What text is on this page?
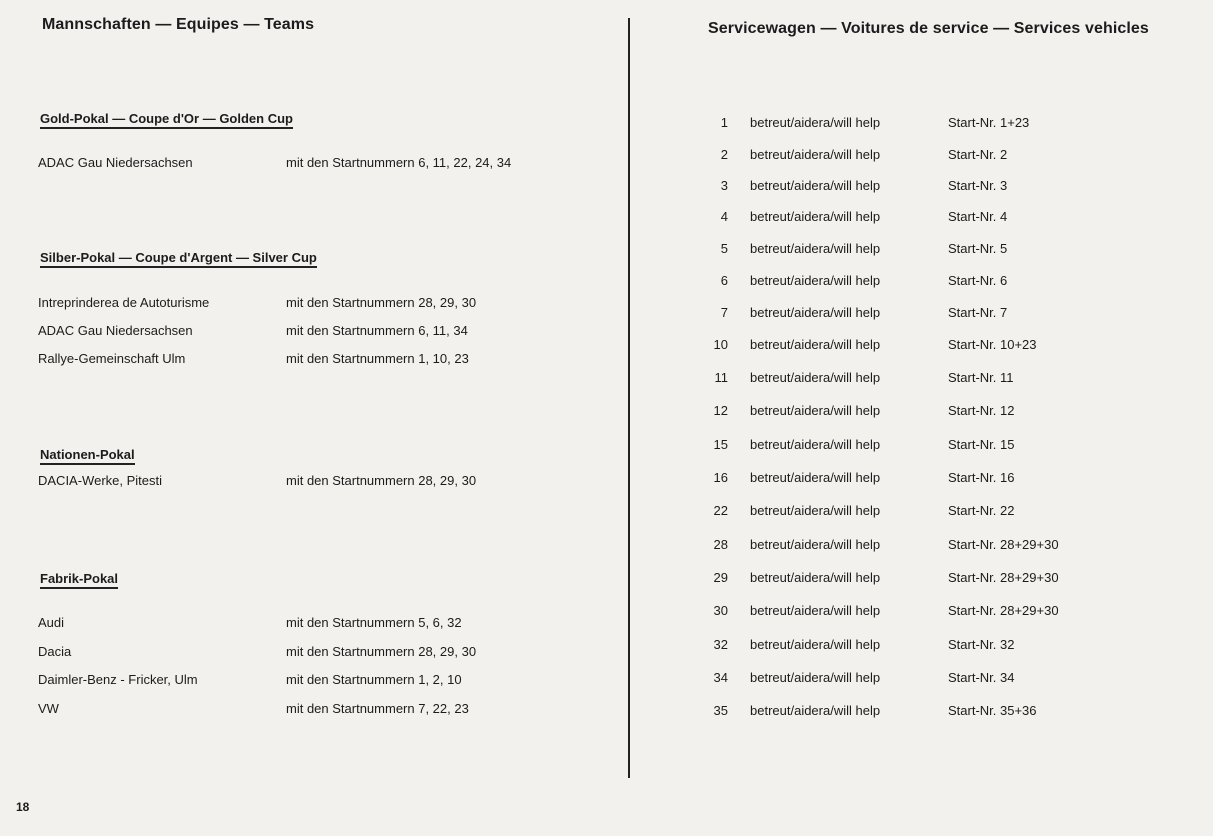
Mannschaften — Equipes — Teams	Servicewagen — Voitures de service — Services vehicles
Gold-Pokal — Coupe d'Or — Golden Cup
ADAC Gau Niedersachsen	mit den Startnummern 6, 11, 22, 24, 34
Silber-Pokal — Coupe d'Argent — Silver Cup
Intreprinderea de Autoturisme	mit den Startnummern 28, 29, 30
ADAC Gau Niedersachsen	mit den Startnummern 6, 11, 34
Rallye-Gemeinschaft Ulm	mit den Startnummern 1, 10, 23
Nationen-Pokal
DACIA-Werke, Pitesti	mit den Startnummern 28, 29, 30
Fabrik-Pokal
Audi	mit den Startnummern 5, 6, 32
Dacia	mit den Startnummern 28, 29, 30
Daimler-Benz - Fricker, Ulm	mit den Startnummern 1, 2, 10
VW	mit den Startnummern 7, 22, 23
1 betreut/aidera/will help	Start-Nr. 1+23
2 betreut/aidera/will help	Start-Nr. 2
3 betreut/aidera/will help	Start-Nr. 3
4 betreut/aidera/will help	Start-Nr. 4
5 betreut/aidera/will help	Start-Nr. 5
6 betreut/aidera/will help	Start-Nr. 6
7 betreut/aidera/will help	Start-Nr. 7
10 betreut/aidera/will help	Start-Nr. 10+23
11 betreut/aidera/will help	Start-Nr. 11
12 betreut/aidera/will help	Start-Nr. 12
15 betreut/aidera/will help	Start-Nr. 15
16 betreut/aidera/will help	Start-Nr. 16
22 betreut/aidera/will help	Start-Nr. 22
28 betreut/aidera/will help	Start-Nr. 28+29+30
29 betreut/aidera/will help	Start-Nr. 28+29+30
30 betreut/aidera/will help	Start-Nr. 28+29+30
32 betreut/aidera/will help	Start-Nr. 32
34 betreut/aidera/will help	Start-Nr. 34
35 betreut/aidera/will help	Start-Nr. 35+36
18
